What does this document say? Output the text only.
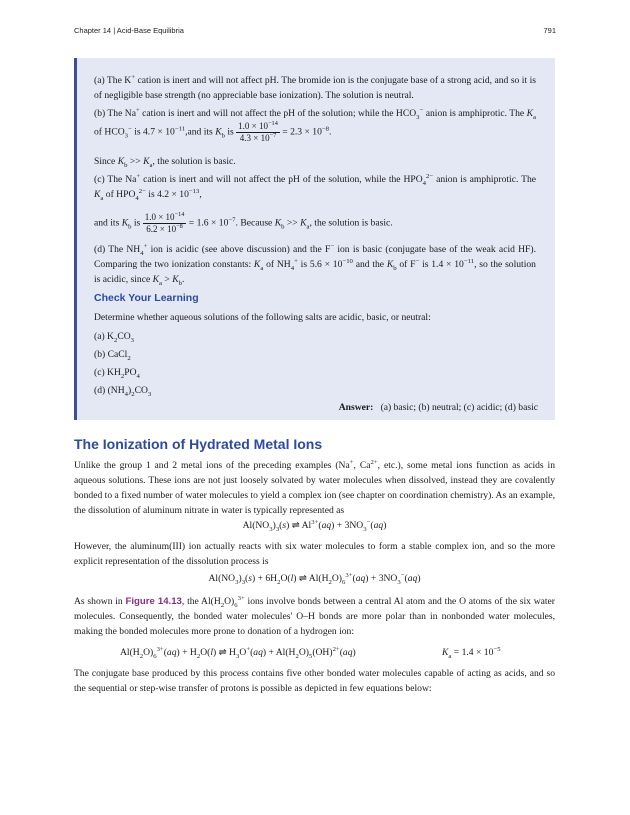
Chapter 14 | Acid-Base Equilibria	791
(a) The K+ cation is inert and will not affect pH. The bromide ion is the conjugate base of a strong acid, and so it is of negligible base strength (no appreciable base ionization). The solution is neutral.
(b) The Na+ cation is inert and will not affect the pH of the solution; while the $HCO_3^-$ anion is amphiprotic. The $K_a$ of $HCO_3^-$ is $4.7 \times 10^{-11},and$ its $K_b$ is $\frac{1.0 \times 10^{-14}}{4.3 \times 10^{-7}} = 2.3 \times 10^{-8}$.
Since $K_b >> K_a$, the solution is basic.
(c) The Na+ cation is inert and will not affect the pH of the solution, while the $HPO_4^{2-}$ anion is amphiprotic. The $K_a$ of $HPO_4^{2-}$ is $4.2 \times 10^{-13}$,
and its $K_b$ is $\frac{1.0 \times 10^{-14}}{6.2 \times 10^{-8}} = 1.6 \times 10^{-7}$. Because $K_b >> K_a$, the solution is basic.
(d) The $NH_4^+$ ion is acidic (see above discussion) and the F− ion is basic (conjugate base of the weak acid HF). Comparing the two ionization constants: $K_a$ of $NH_4^+$ is $5.6 \times 10^{-10}$ and the $K_b$ of F− is $1.4 \times 10^{-11}$, so the solution is acidic, since $K_a > K_b$.
Check Your Learning
Determine whether aqueous solutions of the following salts are acidic, basic, or neutral:
(a) $K_2CO_3$
(b) CaCl$_2$
(c) $KH_2PO_4$
(d) $(NH_4)_2CO_3$
Answer: (a) basic; (b) neutral; (c) acidic; (d) basic
The Ionization of Hydrated Metal Ions
Unlike the group 1 and 2 metal ions of the preceding examples (Na+, $Ca^{2+}$, etc.), some metal ions function as acids in aqueous solutions. These ions are not just loosely solvated by water molecules when dissolved, instead they are covalently bonded to a fixed number of water molecules to yield a complex ion (see chapter on coordination chemistry). As an example, the dissolution of aluminum nitrate in water is typically represented as
$Al(NO_3)_3(s)$ ⇌ $Al^{3+}(aq) + 3NO_3^-(aq)$
However, the aluminum(III) ion actually reacts with six water molecules to form a stable complex ion, and so the more explicit representation of the dissolution process is
$Al(NO_3)_3(s) + 6H_2O(l)$ ⇌ $Al(H_2O)_6^{3+}(aq) + 3NO_3^-(aq)$
As shown in Figure 14.13, the $Al(H_2O)_6^{3+}$ ions involve bonds between a central Al atom and the O atoms of the six water molecules. Consequently, the bonded water molecules' O–H bonds are more polar than in nonbonded water molecules, making the bonded molecules more prone to donation of a hydrogen ion:
$Al(H_2O)_6^{3+}(aq) + H_2O(l)$ ⇌ $H_3O^+(aq) + Al(H_2O)_5(OH)^{2+}(aq)$	$K_a = 1.4 \times 10^{-5}$
The conjugate base produced by this process contains five other bonded water molecules capable of acting as acids, and so the sequential or step-wise transfer of protons is possible as depicted in few equations below:
